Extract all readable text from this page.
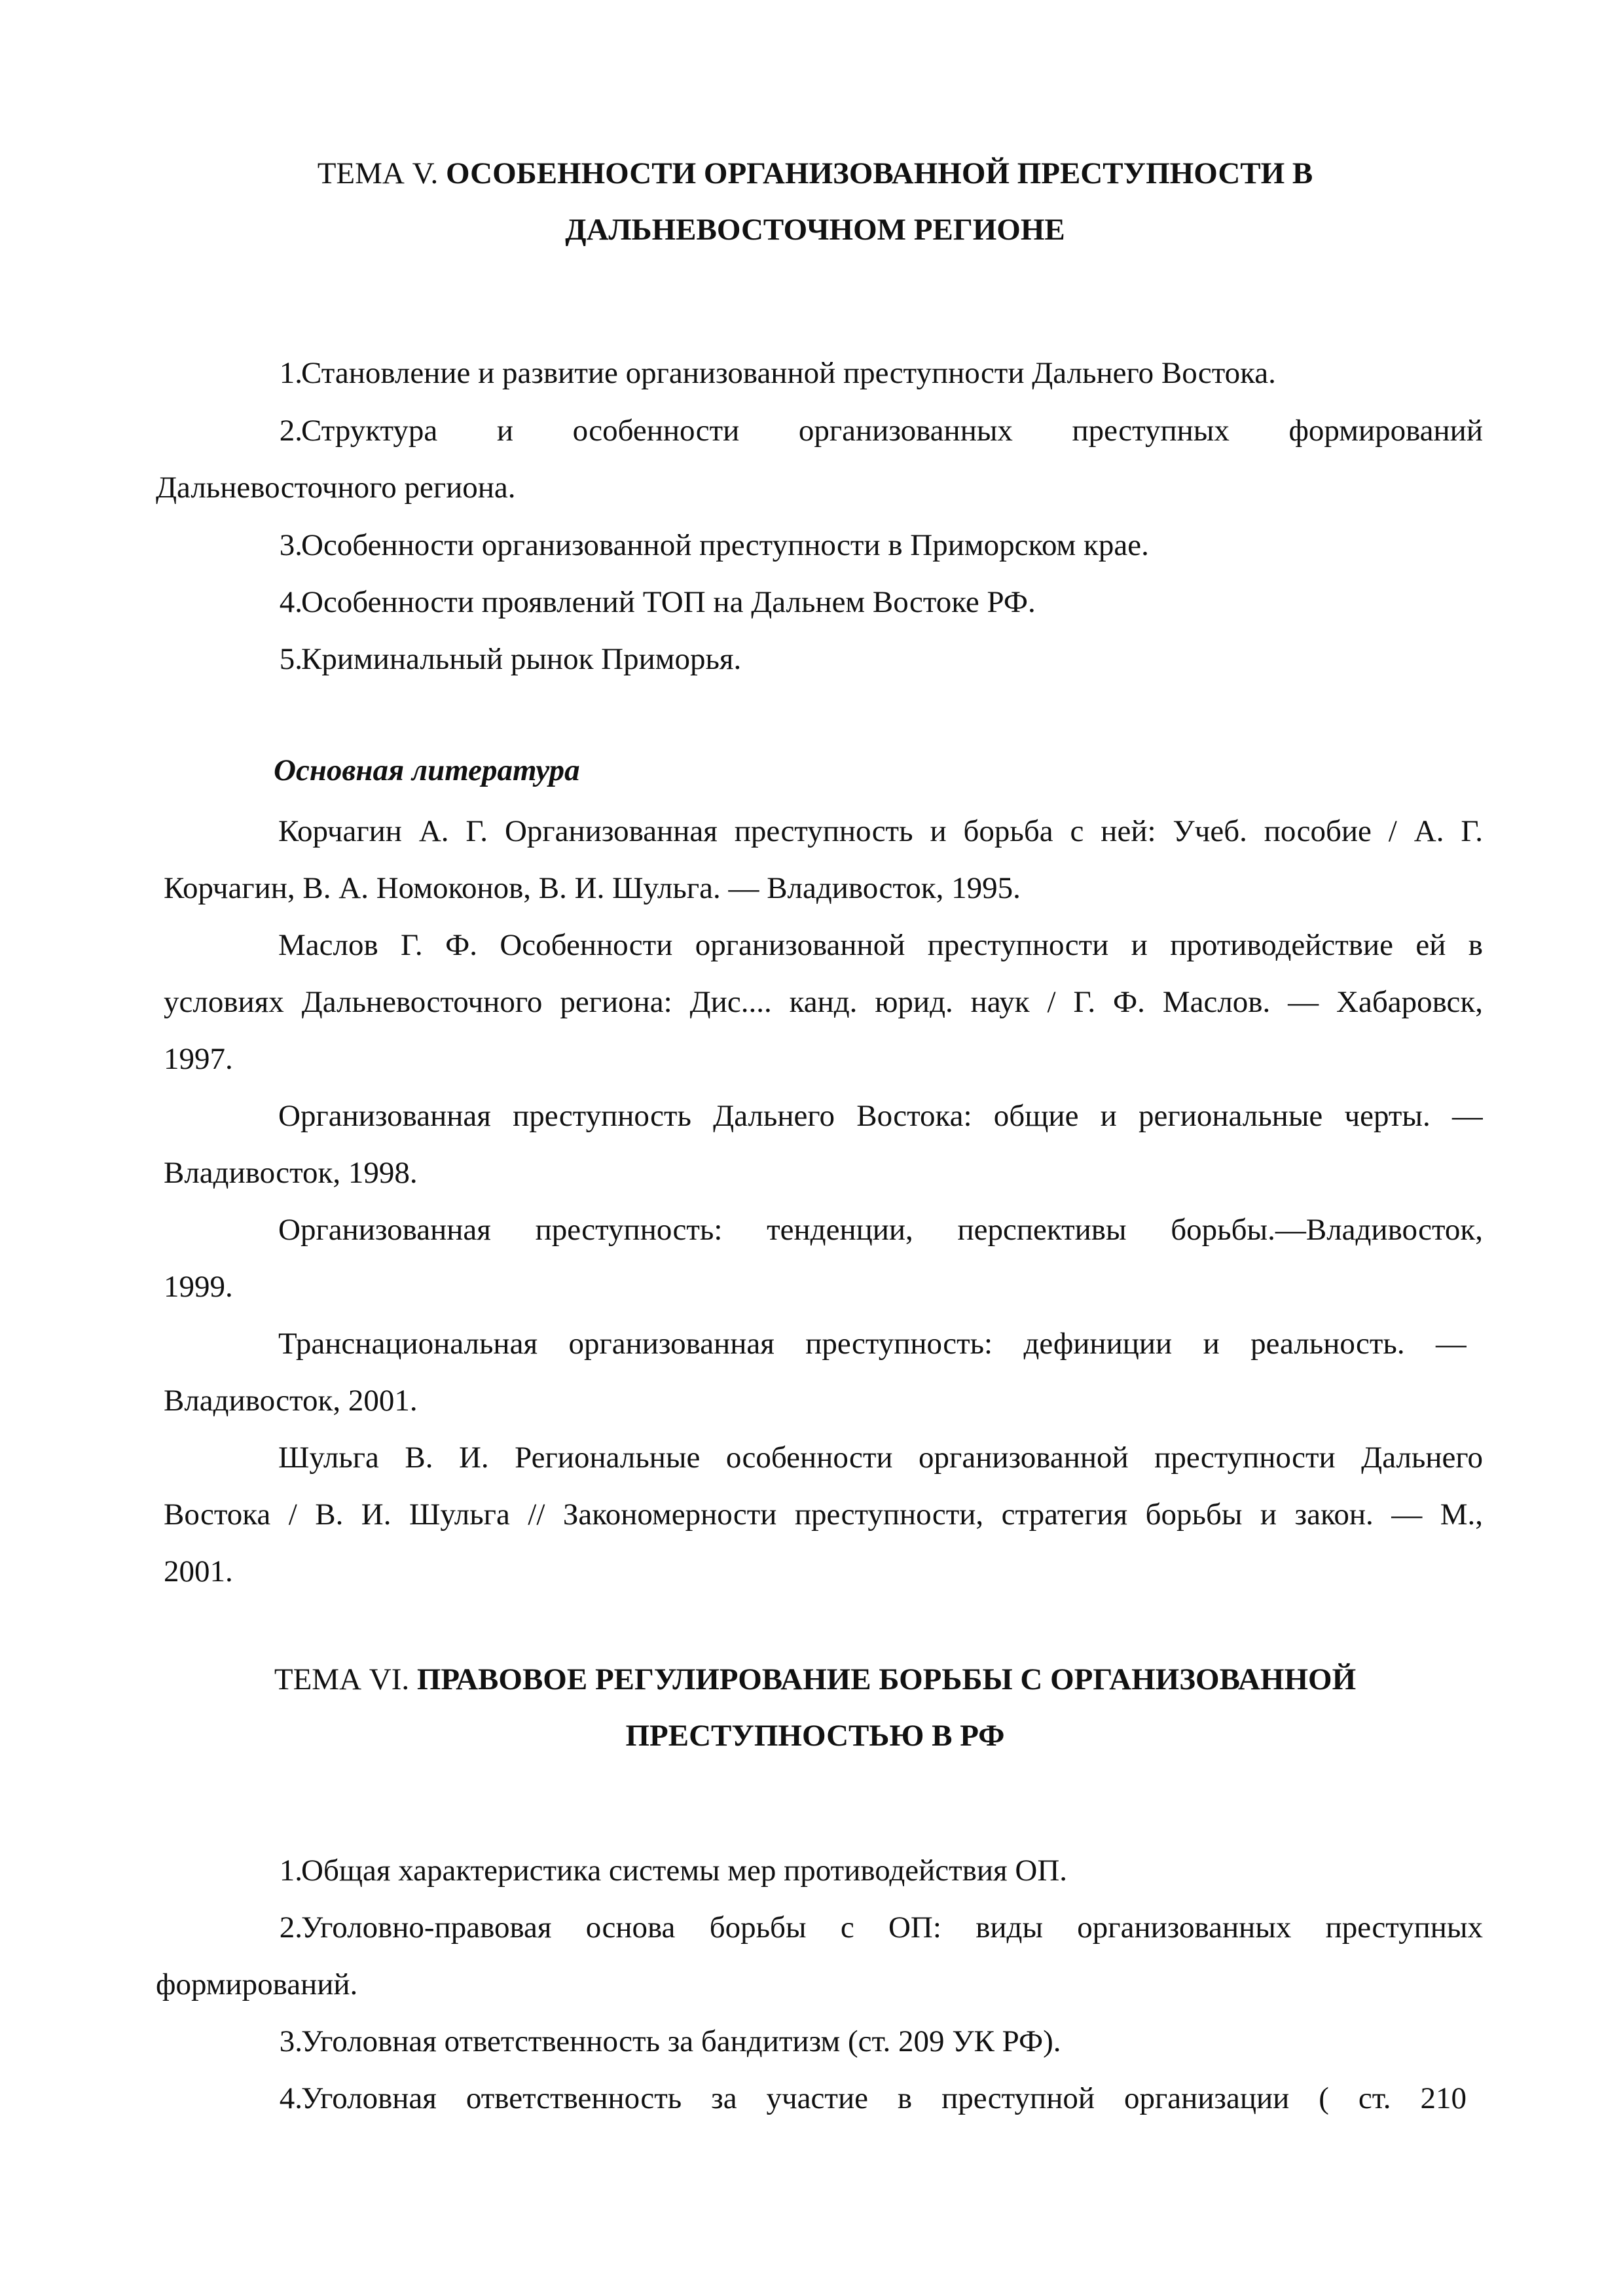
ТЕМА V. ОСОБЕННОСТИ ОРГАНИЗОВАННОЙ ПРЕСТУПНОСТИ В
ДАЛЬНЕВОСТОЧНОМ РЕГИОНЕ
1.
Становление и развитие организованной преступности Дальнего Востока.
2.
Структура и особенности организованных преступных формирований
Дальневосточного региона.
3.
Особенности организованной преступности в Приморском крае.
4.
Особенности проявлений ТОП на Дальнем Востоке РФ.
5.
Криминальный рынок Приморья.
Основная литература
Корчагин А. Г. Организованная преступность и борьба с ней: Учеб. пособие / А. Г.
Корчагин, В. А. Номоконов, В. И. Шульга. — Владивосток, 1995.
Маслов Г. Ф. Особенности организованной преступности и противодействие ей в
условиях Дальневосточного региона: Дис.... канд. юрид. наук / Г. Ф. Маслов. — Хабаровск,
1997.
Организованная преступность Дальнего Востока: общие и региональные черты. —
Владивосток, 1998.
Организованная преступность: тенденции, перспективы борьбы.—Владивосток,
1999.
Транснациональная организованная преступность: дефиниции и реальность. —
Владивосток, 2001.
Шульга В. И. Региональные особенности организованной преступности Дальнего
Востока / В. И. Шульга // Закономерности преступности, стратегия борьбы и закон. — М.,
2001.
ТЕМА VI. ПРАВОВОЕ РЕГУЛИРОВАНИЕ БОРЬБЫ С ОРГАНИЗОВАННОЙ
ПРЕСТУПНОСТЬЮ В РФ
1.
Общая характеристика системы мер противодействия ОП.
2.
Уголовно-правовая основа борьбы с ОП: виды организованных преступных
формирований.
3.
Уголовная ответственность за бандитизм (ст. 209 УК РФ).
4.
Уголовная ответственность за участие в преступной организации ( ст. 210
